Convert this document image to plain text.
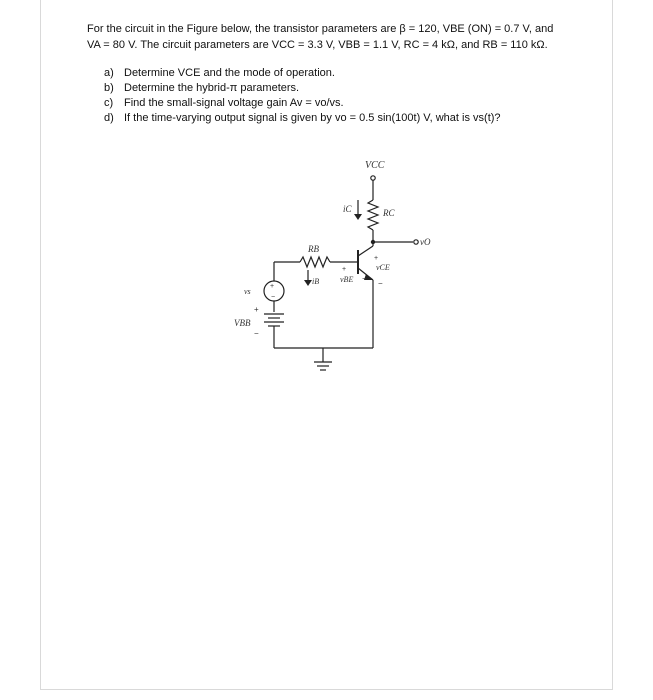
For the circuit in the Figure below, the transistor parameters are β = 120, VBE (ON) = 0.7 V, and

VA = 80 V. The circuit parameters are VCC = 3.3 V, VBB = 1.1 V, RC = 4 kΩ, and RB = 110 kΩ.

a) Determine VCE and the mode of operation.
b) Determine the hybrid-π parameters.
c) Find the small-signal voltage gain Av = vo/vs.
d) If the time-varying output signal is given by vo = 0.5 sin(100t) V, what is vs(t)?
VCC
RC
iC
vO
RB
iB
+
vCE
−
+
vBE −
+
−
vs
+
VBB
−
